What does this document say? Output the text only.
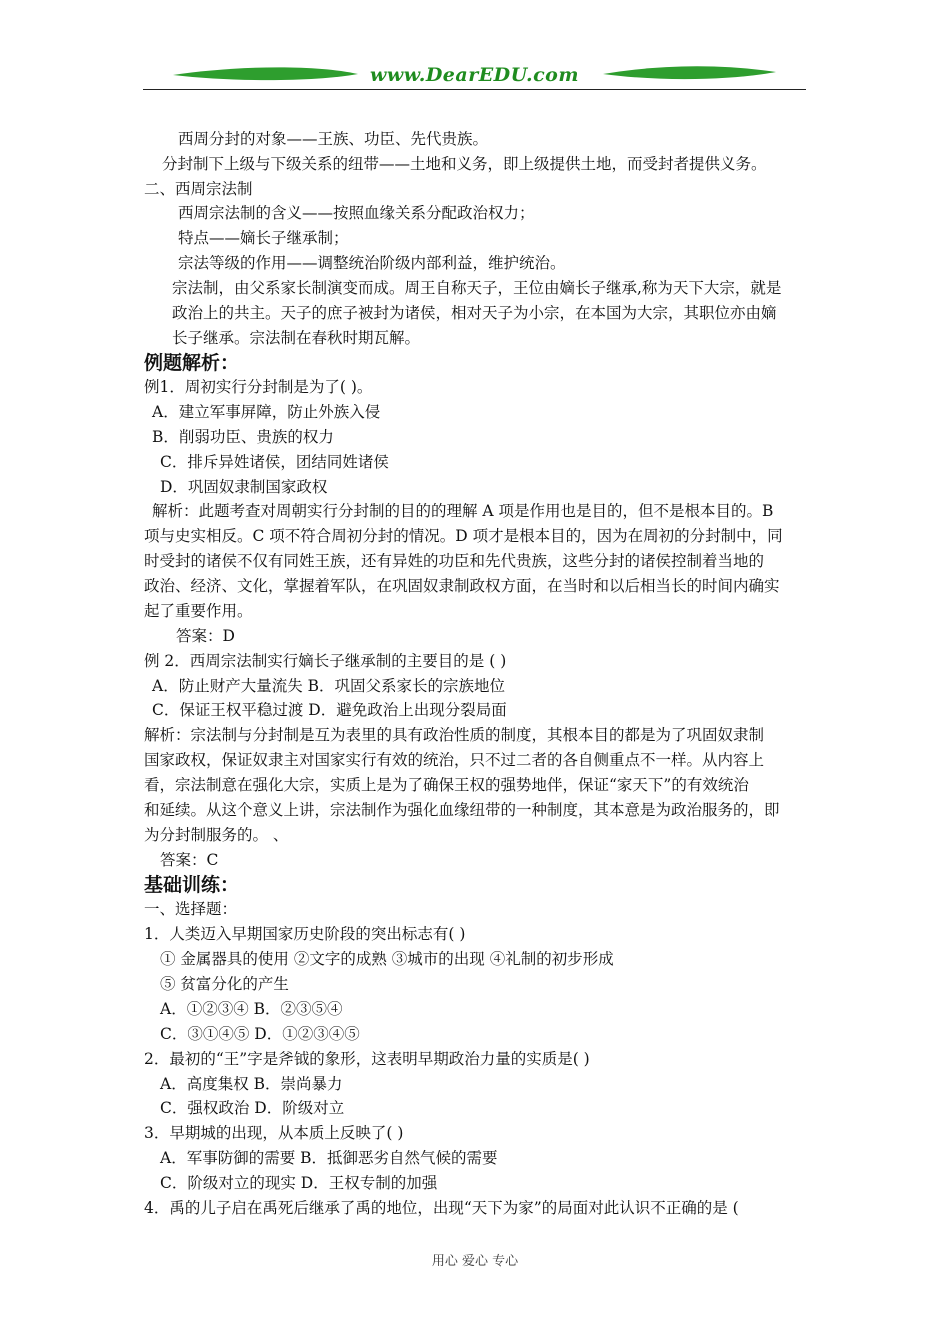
www.DearEDU.com
西周分封的对象——王族、功臣、先代贵族。
分封制下上级与下级关系的纽带——土地和义务，即上级提供土地，而受封者提供义务。
二、西周宗法制
西周宗法制的含义——按照血缘关系分配政治权力；
特点——嫡长子继承制；
宗法等级的作用——调整统治阶级内部利益，维护统治。
宗法制，由父系家长制演变而成。周王自称天子，王位由嫡长子继承,称为天下大宗，就是
政治上的共主。天子的庶子被封为诸侯，相对天子为小宗，在本国为大宗，其职位亦由嫡
长子继承。宗法制在春秋时期瓦解。
例题解析：
例1．周初实行分封制是为了( )。
A．建立军事屏障，防止外族入侵
B．削弱功臣、贵族的权力
C．排斥异姓诸侯，团结同姓诸侯
D．巩固奴隶制国家政权
解析：此题考查对周朝实行分封制的目的的理解 A 项是作用也是目的，但不是根本目的。B
项与史实相反。C 项不符合周初分封的情况。D 项才是根本目的，因为在周初的分封制中，同
时受封的诸侯不仅有同姓王族，还有异姓的功臣和先代贵族，这些分封的诸侯控制着当地的
政治、经济、文化，掌握着军队，在巩固奴隶制政权方面，在当时和以后相当长的时间内确实
起了重要作用。
答案：D
例 2．西周宗法制实行嫡长子继承制的主要目的是 ( )
A．防止财产大量流失 B．巩固父系家长的宗族地位
C．保证王权平稳过渡 D．避免政治上出现分裂局面
解析：宗法制与分封制是互为表里的具有政治性质的制度，其根本目的都是为了巩固奴隶制
国家政权，保证奴隶主对国家实行有效的统治，只不过二者的各自侧重点不一样。从内容上
看，宗法制意在强化大宗，实质上是为了确保王权的强势地伴，保证“家天下”的有效统治
和延续。从这个意义上讲，宗法制作为强化血缘纽带的一种制度，其本意是为政治服务的，即
为分封制服务的。 、
答案：C
基础训练：
一、选择题：
1．人类迈入早期国家历史阶段的突出标志有( )
① 金属器具的使用 ②文字的成熟 ③城市的出现 ④礼制的初步形成
⑤ 贫富分化的产生
A．①②③④ B．②③⑤④
C．③①④⑤ D．①②③④⑤
2．最初的“王”字是斧钺的象形，这表明早期政治力量的实质是( )
A．高度集权 B．崇尚暴力
C．强权政治 D．阶级对立
3．早期城的出现，从本质上反映了( )
A．军事防御的需要 B．抵御恶劣自然气候的需要
C．阶级对立的现实 D．王权专制的加强
4．禹的儿子启在禹死后继承了禹的地位，出现“天下为家”的局面对此认识不正确的是 (
用心 爱心 专心
